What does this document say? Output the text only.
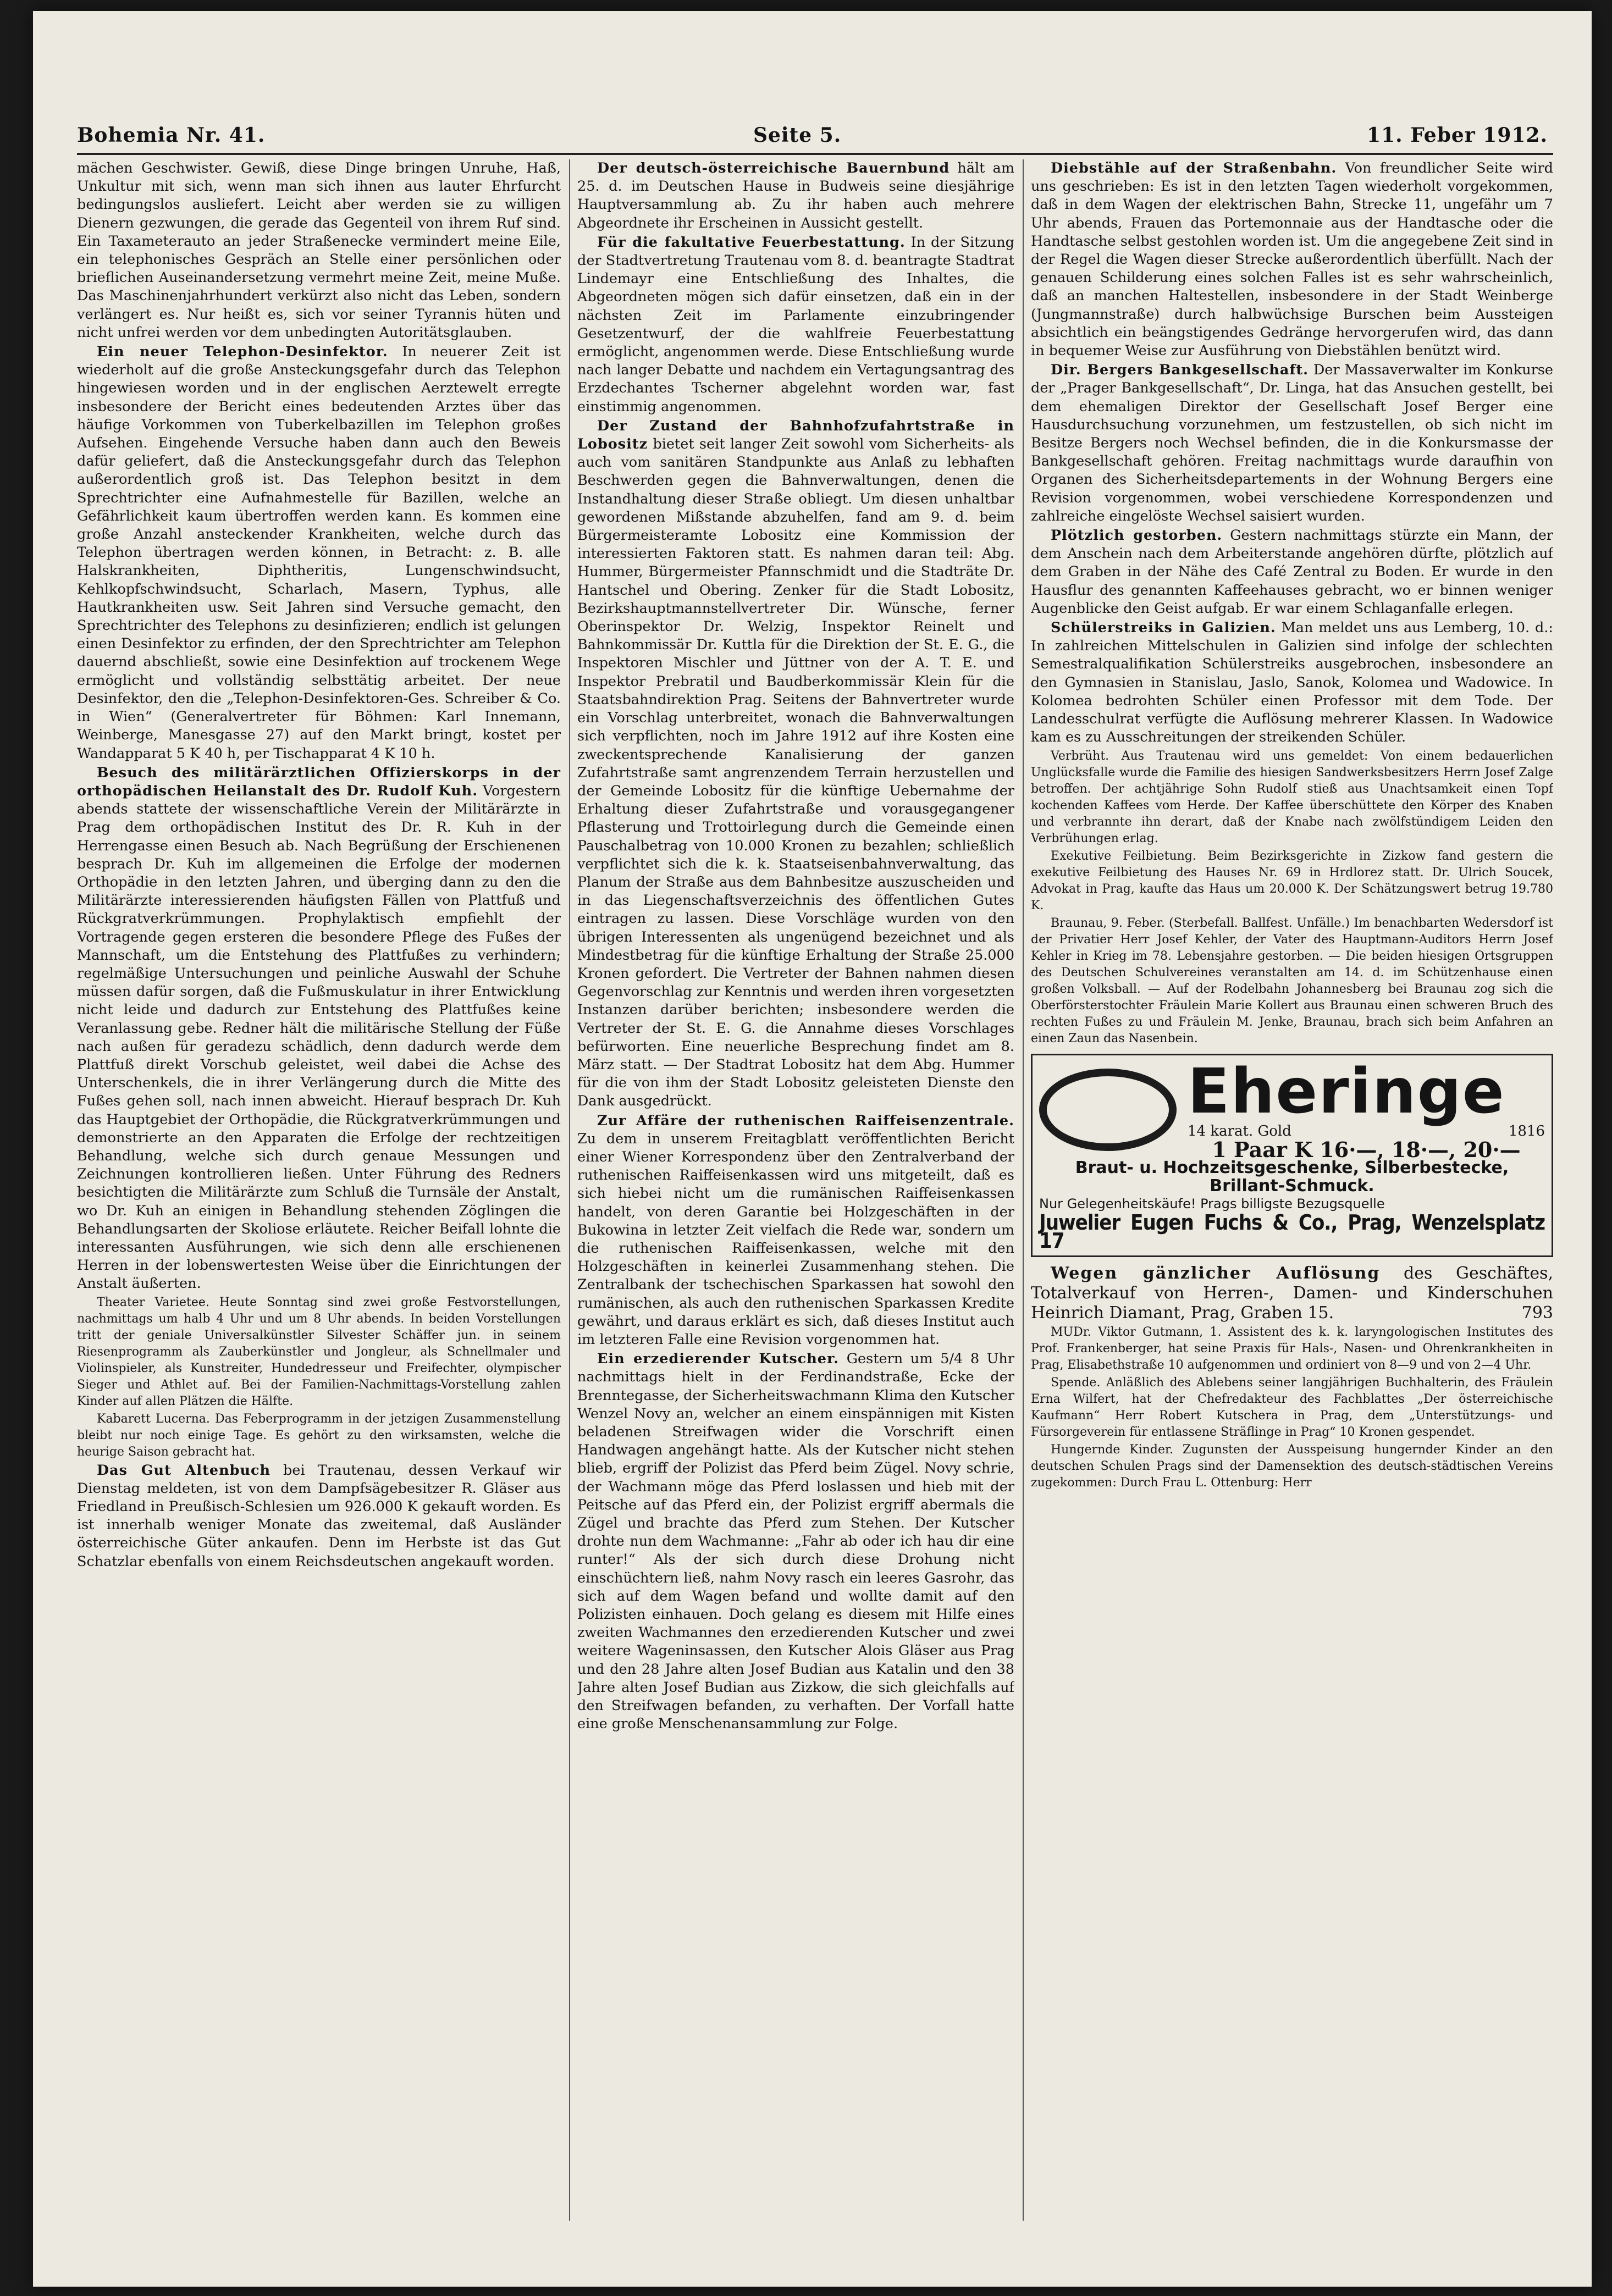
Bohemia Nr. 41.	Seite 5.	11. Feber 1912.

mächen Geschwister. Gewiß, diese Dinge bringen Unruhe, Haß, Unkultur mit sich, wenn man sich ihnen aus lauter Ehrfurcht bedingungslos ausliefert. Leicht aber werden sie zu willigen Dienern gezwungen, die gerade das Gegenteil von ihrem Ruf sind. Ein Taxameterauto an jeder Straßenecke vermindert meine Eile, ein telephonisches Gespräch an Stelle einer persönlichen oder brieflichen Auseinandersetzung vermehrt meine Zeit, meine Muße. Das Maschinenjahrhundert verkürzt also nicht das Leben, sondern verlängert es. Nur heißt es, sich vor seiner Tyrannis hüten und nicht unfrei werden vor dem unbedingten Autoritätsglauben.

Ein neuer Telephon-Desinfektor. In neuerer Zeit ist wiederholt auf die große Ansteckungsgefahr durch das Telephon hingewiesen worden und in der englischen Aerztewelt erregte insbesondere der Bericht eines bedeutenden Arztes über das häufige Vorkommen von Tuberkelbazillen im Telephon großes Aufsehen. Eingehende Versuche haben dann auch den Beweis dafür geliefert, daß die Ansteckungsgefahr durch das Telephon außerordentlich groß ist. Das Telephon besitzt in dem Sprechtrichter eine Aufnahmestelle für Bazillen, welche an Gefährlichkeit kaum übertroffen werden kann. Es kommen eine große Anzahl ansteckender Krankheiten, welche durch das Telephon übertragen werden können, in Betracht: z. B. alle Halskrankheiten, Diphtheritis, Lungenschwindsucht, Kehlkopfschwindsucht, Scharlach, Masern, Typhus, alle Hautkrankheiten usw. Seit Jahren sind Versuche gemacht, den Sprechtrichter des Telephons zu desinfizieren; endlich ist gelungen einen Desinfektor zu erfinden, der den Sprechtrichter am Telephon dauernd abschließt, sowie eine Desinfektion auf trockenem Wege ermöglicht und vollständig selbsttätig arbeitet. Der neue Desinfektor, den die „Telephon-Desinfektoren-Ges. Schreiber & Co. in Wien“ (Generalvertreter für Böhmen: Karl Innemann, Weinberge, Manesgasse 27) auf den Markt bringt, kostet per Wandapparat 5 K 40 h, per Tischapparat 4 K 10 h.

Besuch des militärärztlichen Offizierskorps in der orthopädischen Heilanstalt des Dr. Rudolf Kuh. Vorgestern abends stattete der wissenschaftliche Verein der Militärärzte in Prag dem orthopädischen Institut des Dr. R. Kuh in der Herrengasse einen Besuch ab. Nach Begrüßung der Erschienenen besprach Dr. Kuh im allgemeinen die Erfolge der modernen Orthopädie in den letzten Jahren, und überging dann zu den die Militärärzte interessierenden häufigsten Fällen von Plattfuß und Rückgratverkrümmungen. Prophylaktisch empfiehlt der Vortragende gegen ersteren die besondere Pflege des Fußes der Mannschaft, um die Entstehung des Plattfußes zu verhindern; regelmäßige Untersuchungen und peinliche Auswahl der Schuhe müssen dafür sorgen, daß die Fußmuskulatur in ihrer Entwicklung nicht leide und dadurch zur Entstehung des Plattfußes keine Veranlassung gebe. Redner hält die militärische Stellung der Füße nach außen für geradezu schädlich, denn dadurch werde dem Plattfuß direkt Vorschub geleistet, weil dabei die Achse des Unterschenkels, die in ihrer Verlängerung durch die Mitte des Fußes gehen soll, nach innen abweicht. Hierauf besprach Dr. Kuh das Hauptgebiet der Orthopädie, die Rückgratverkrümmungen und demonstrierte an den Apparaten die Erfolge der rechtzeitigen Behandlung, welche sich durch genaue Messungen und Zeichnungen kontrollieren ließen. Unter Führung des Redners besichtigten die Militärärzte zum Schluß die Turnsäle der Anstalt, wo Dr. Kuh an einigen in Behandlung stehenden Zöglingen die Behandlungsarten der Skoliose erläutete. Reicher Beifall lohnte die interessanten Ausführungen, wie sich denn alle erschienenen Herren in der lobenswertesten Weise über die Einrichtungen der Anstalt äußerten.

Theater Varietee. Heute Sonntag sind zwei große Festvorstellungen, nachmittags um halb 4 Uhr und um 8 Uhr abends. In beiden Vorstellungen tritt der geniale Universalkünstler Silvester Schäffer jun. in seinem Riesenprogramm als Zauberkünstler und Jongleur, als Schnellmaler und Violinspieler, als Kunstreiter, Hundedresseur und Freifechter, olympischer Sieger und Athlet auf. Bei der Familien-Nachmittags-Vorstellung zahlen Kinder auf allen Plätzen die Hälfte.

Kabarett Lucerna. Das Feberprogramm in der jetzigen Zusammenstellung bleibt nur noch einige Tage. Es gehört zu den wirksamsten, welche die heurige Saison gebracht hat.

Das Gut Altenbuch bei Trautenau, dessen Verkauf wir Dienstag meldeten, ist von dem Dampfsägebesitzer R. Gläser aus Friedland in Preußisch-Schlesien um 926.000 K gekauft worden. Es ist innerhalb weniger Monate das zweitemal, daß Ausländer österreichische Güter ankaufen. Denn im Herbste ist das Gut Schatzlar ebenfalls von einem Reichsdeutschen angekauft worden.

Der deutsch-österreichische Bauernbund hält am 25. d. im Deutschen Hause in Budweis seine diesjährige Hauptversammlung ab. Zu ihr haben auch mehrere Abgeordnete ihr Erscheinen in Aussicht gestellt.

Für die fakultative Feuerbestattung. In der Sitzung der Stadtvertretung Trautenau vom 8. d. beantragte Stadtrat Lindemayr eine Entschließung des Inhaltes, die Abgeordneten mögen sich dafür einsetzen, daß ein in der nächsten Zeit im Parlamente einzubringender Gesetzentwurf, der die wahlfreie Feuerbestattung ermöglicht, angenommen werde. Diese Entschließung wurde nach langer Debatte und nachdem ein Vertagungsantrag des Erzdechantes Tscherner abgelehnt worden war, fast einstimmig angenommen.

Der Zustand der Bahnhofzufahrtstraße in Lobositz bietet seit langer Zeit sowohl vom Sicherheits- als auch vom sanitären Standpunkte aus Anlaß zu lebhaften Beschwerden gegen die Bahnverwaltungen, denen die Instandhaltung dieser Straße obliegt. Um diesen unhaltbar gewordenen Mißstande abzuhelfen, fand am 9. d. beim Bürgermeisteramte Lobositz eine Kommission der interessierten Faktoren statt. Es nahmen daran teil: Abg. Hummer, Bürgermeister Pfannschmidt und die Stadträte Dr. Hantschel und Obering. Zenker für die Stadt Lobositz, Bezirkshauptmannstellvertreter Dir. Wünsche, ferner Oberinspektor Dr. Welzig, Inspektor Reinelt und Bahnkommissär Dr. Kuttla für die Direktion der St. E. G., die Inspektoren Mischler und Jüttner von der A. T. E. und Inspektor Prebratil und Baudberkommissär Klein für die Staatsbahndirektion Prag. Seitens der Bahnvertreter wurde ein Vorschlag unterbreitet, wonach die Bahnverwaltungen sich verpflichten, noch im Jahre 1912 auf ihre Kosten eine zweckentsprechende Kanalisierung der ganzen Zufahrtstraße samt angrenzendem Terrain herzustellen und der Gemeinde Lobositz für die künftige Uebernahme der Erhaltung dieser Zufahrtstraße und vorausgegangener Pflasterung und Trottoirlegung durch die Gemeinde einen Pauschalbetrag von 10.000 Kronen zu bezahlen; schließlich verpflichtet sich die k. k. Staatseisenbahnverwaltung, das Planum der Straße aus dem Bahnbesitze auszuscheiden und in das Liegenschaftsverzeichnis des öffentlichen Gutes eintragen zu lassen. Diese Vorschläge wurden von den übrigen Interessenten als ungenügend bezeichnet und als Mindestbetrag für die künftige Erhaltung der Straße 25.000 Kronen gefordert. Die Vertreter der Bahnen nahmen diesen Gegenvorschlag zur Kenntnis und werden ihren vorgesetzten Instanzen darüber berichten; insbesondere werden die Vertreter der St. E. G. die Annahme dieses Vorschlages befürworten. Eine neuerliche Besprechung findet am 8. März statt. — Der Stadtrat Lobositz hat dem Abg. Hummer für die von ihm der Stadt Lobositz geleisteten Dienste den Dank ausgedrückt.

Zur Affäre der ruthenischen Raiffeisenzentrale. Zu dem in unserem Freitagblatt veröffentlichten Bericht einer Wiener Korrespondenz über den Zentralverband der ruthenischen Raiffeisenkassen wird uns mitgeteilt, daß es sich hiebei nicht um die rumänischen Raiffeisenkassen handelt, von deren Garantie bei Holzgeschäften in der Bukowina in letzter Zeit vielfach die Rede war, sondern um die ruthenischen Raiffeisenkassen, welche mit den Holzgeschäften in keinerlei Zusammenhang stehen. Die Zentralbank der tschechischen Sparkassen hat sowohl den rumänischen, als auch den ruthenischen Sparkassen Kredite gewährt, und daraus erklärt es sich, daß dieses Institut auch im letzteren Falle eine Revision vorgenommen hat.

Ein erzedierender Kutscher. Gestern um 5/4 8 Uhr nachmittags hielt in der Ferdinandstraße, Ecke der Brenntegasse, der Sicherheitswachmann Klima den Kutscher Wenzel Novy an, welcher an einem einspännigen mit Kisten beladenen Streifwagen wider die Vorschrift einen Handwagen angehängt hatte. Als der Kutscher nicht stehen blieb, ergriff der Polizist das Pferd beim Zügel. Novy schrie, der Wachmann möge das Pferd loslassen und hieb mit der Peitsche auf das Pferd ein, der Polizist ergriff abermals die Zügel und brachte das Pferd zum Stehen. Der Kutscher drohte nun dem Wachmanne: „Fahr ab oder ich hau dir eine runter!“ Als der sich durch diese Drohung nicht einschüchtern ließ, nahm Novy rasch ein leeres Gasrohr, das sich auf dem Wagen befand und wollte damit auf den Polizisten einhauen. Doch gelang es diesem mit Hilfe eines zweiten Wachmannes den erzedierenden Kutscher und zwei weitere Wageninsassen, den Kutscher Alois Gläser aus Prag und den 28 Jahre alten Josef Budian aus Katalin und den 38 Jahre alten Josef Budian aus Zizkow, die sich gleichfalls auf den Streifwagen befanden, zu verhaften. Der Vorfall hatte eine große Menschenansammlung zur Folge.

Diebstähle auf der Straßenbahn. Von freundlicher Seite wird uns geschrieben: Es ist in den letzten Tagen wiederholt vorgekommen, daß in dem Wagen der elektrischen Bahn, Strecke 11, ungefähr um 7 Uhr abends, Frauen das Portemonnaie aus der Handtasche oder die Handtasche selbst gestohlen worden ist. Um die angegebene Zeit sind in der Regel die Wagen dieser Strecke außerordentlich überfüllt. Nach der genauen Schilderung eines solchen Falles ist es sehr wahrscheinlich, daß an manchen Haltestellen, insbesondere in der Stadt Weinberge (Jungmannstraße) durch halbwüchsige Burschen beim Aussteigen absichtlich ein beängstigendes Gedränge hervorgerufen wird, das dann in bequemer Weise zur Ausführung von Diebstählen benützt wird.

Dir. Bergers Bankgesellschaft. Der Massaverwalter im Konkurse der „Prager Bankgesellschaft“, Dr. Linga, hat das Ansuchen gestellt, bei dem ehemaligen Direktor der Gesellschaft Josef Berger eine Hausdurchsuchung vorzunehmen, um festzustellen, ob sich nicht im Besitze Bergers noch Wechsel befinden, die in die Konkursmasse der Bankgesellschaft gehören. Freitag nachmittags wurde daraufhin von Organen des Sicherheitsdepartements in der Wohnung Bergers eine Revision vorgenommen, wobei verschiedene Korrespondenzen und zahlreiche eingelöste Wechsel saisiert wurden.

Plötzlich gestorben. Gestern nachmittags stürzte ein Mann, der dem Anschein nach dem Arbeiterstande angehören dürfte, plötzlich auf dem Graben in der Nähe des Café Zentral zu Boden. Er wurde in den Hausflur des genannten Kaffeehauses gebracht, wo er binnen weniger Augenblicke den Geist aufgab. Er war einem Schlaganfalle erlegen.

Schülerstreiks in Galizien. Man meldet uns aus Lemberg, 10. d.: In zahlreichen Mittelschulen in Galizien sind infolge der schlechten Semestralqualifikation Schülerstreiks ausgebrochen, insbesondere an den Gymnasien in Stanislau, Jaslo, Sanok, Kolomea und Wadowice. In Kolomea bedrohten Schüler einen Professor mit dem Tode. Der Landesschulrat verfügte die Auflösung mehrerer Klassen. In Wadowice kam es zu Ausschreitungen der streikenden Schüler.

Verbrüht. Aus Trautenau wird uns gemeldet: Von einem bedauerlichen Unglücksfalle wurde die Familie des hiesigen Sandwerksbesitzers Herrn Josef Zalge betroffen. Der achtjährige Sohn Rudolf stieß aus Unachtsamkeit einen Topf kochenden Kaffees vom Herde. Der Kaffee überschüttete den Körper des Knaben und verbrannte ihn derart, daß der Knabe nach zwölfstündigem Leiden den Verbrühungen erlag.

Exekutive Feilbietung. Beim Bezirksgerichte in Zizkow fand gestern die exekutive Feilbietung des Hauses Nr. 69 in Hrdlorez statt. Dr. Ulrich Soucek, Advokat in Prag, kaufte das Haus um 20.000 K. Der Schätzungswert betrug 19.780 K.

Braunau, 9. Feber. (Sterbefall. Ballfest. Unfälle.) Im benachbarten Wedersdorf ist der Privatier Herr Josef Kehler, der Vater des Hauptmann-Auditors Herrn Josef Kehler in Krieg im 78. Lebensjahre gestorben. — Die beiden hiesigen Ortsgruppen des Deutschen Schulvereines veranstalten am 14. d. im Schützenhause einen großen Volksball. — Auf der Rodelbahn Johannesberg bei Braunau zog sich die Oberförsterstochter Fräulein Marie Kollert aus Braunau einen schweren Bruch des rechten Fußes zu und Fräulein M. Jenke, Braunau, brach sich beim Anfahren an einen Zaun das Nasenbein.

Eheringe
14 karat. Gold	1816
1 Paar K 16·—, 18·—, 20·—
Braut- u. Hochzeitsgeschenke, Silberbestecke, Brillant-Schmuck.
Nur Gelegenheitskäufe! Prags billigste Bezugsquelle
Juwelier Eugen Fuchs & Co., Prag, Wenzelsplatz 17

Wegen gänzlicher Auflösung des Geschäftes, Totalverkauf von Herren-, Damen- und Kinderschuhen Heinrich Diamant, Prag, Graben 15.	793

MUDr. Viktor Gutmann, 1. Assistent des k. k. laryngologischen Institutes des Prof. Frankenberger, hat seine Praxis für Hals-, Nasen- und Ohrenkrankheiten in Prag, Elisabethstraße 10 aufgenommen und ordiniert von 8—9 und von 2—4 Uhr.

Spende. Anläßlich des Ablebens seiner langjährigen Buchhalterin, des Fräulein Erna Wilfert, hat der Chefredakteur des Fachblattes „Der österreichische Kaufmann“ Herr Robert Kutschera in Prag, dem „Unterstützungs- und Fürsorgeverein für entlassene Sträflinge in Prag“ 10 Kronen gespendet.

Hungernde Kinder. Zugunsten der Ausspeisung hungernder Kinder an den deutschen Schulen Prags sind der Damensektion des deutsch-städtischen Vereins zugekommen: Durch Frau L. Ottenburg: Herr
